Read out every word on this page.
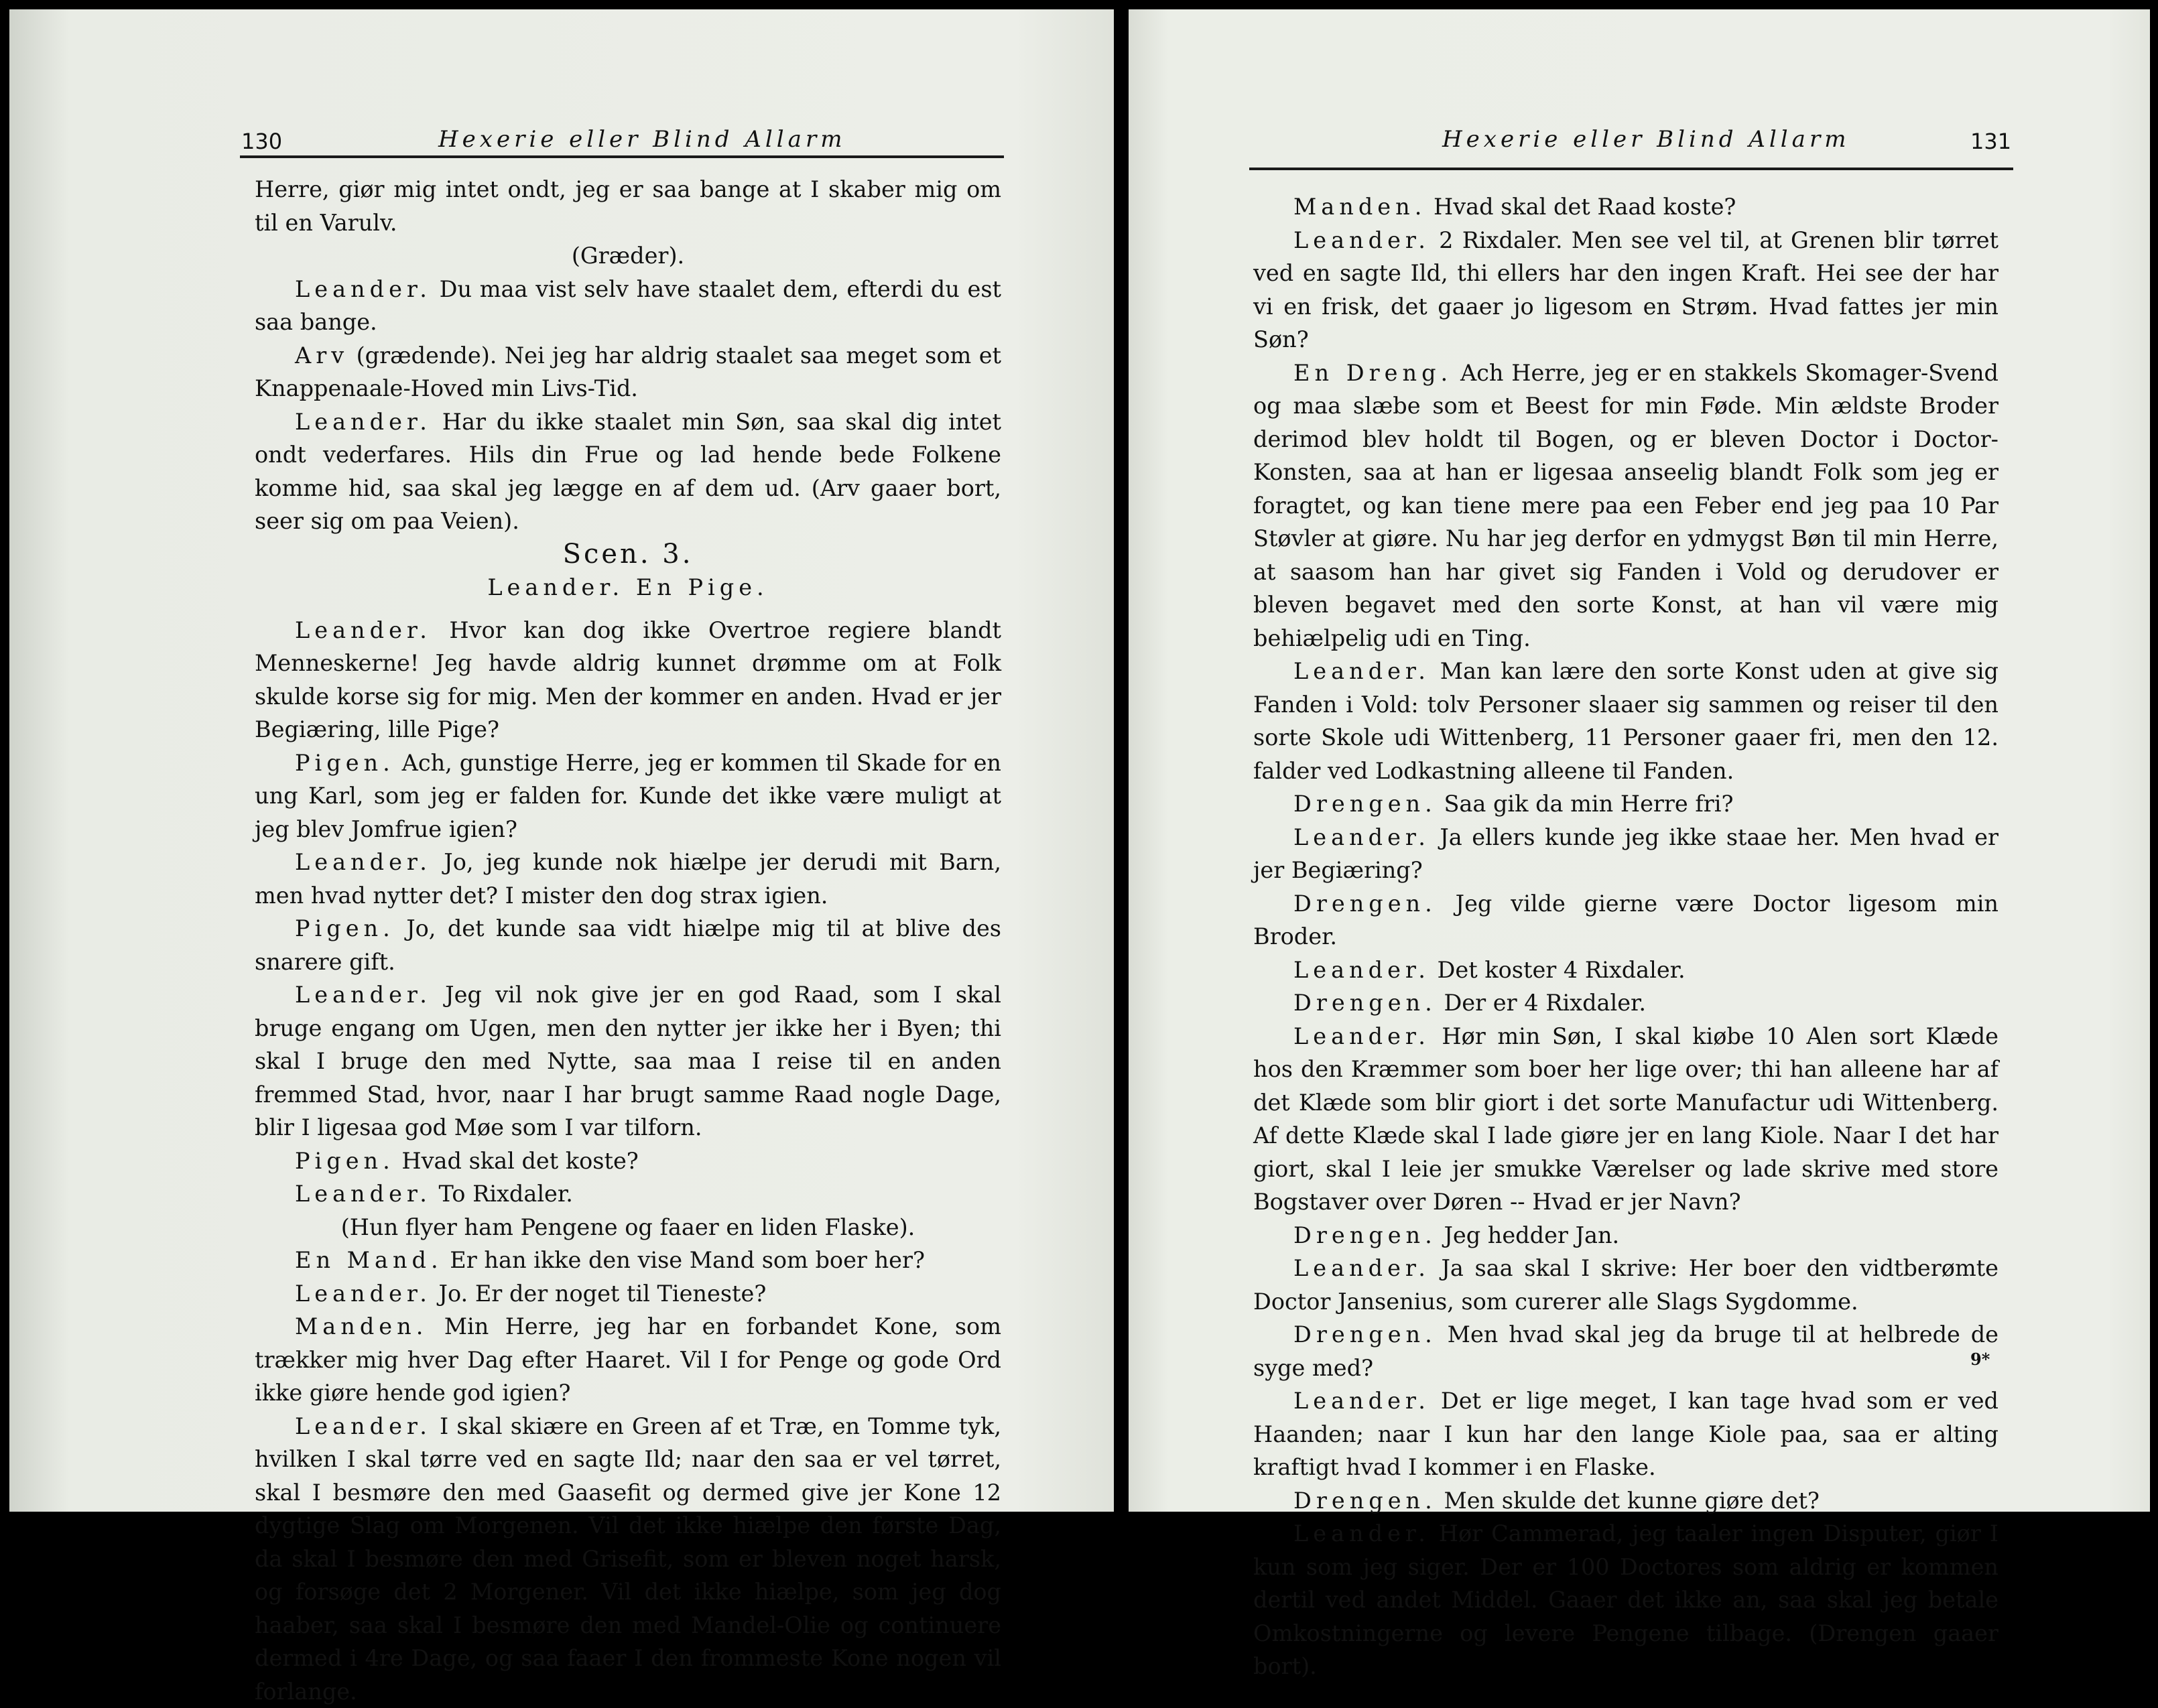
130	Hexerie eller Blind Allarm

Herre, giør mig intet ondt, jeg er saa bange at I skaber mig om til en Varulv.

(Græder).

Leander. Du maa vist selv have staalet dem, efterdi du est saa bange.

Arv (grædende). Nei jeg har aldrig staalet saa meget som et Knappenaale-Hoved min Livs-Tid.

Leander. Har du ikke staalet min Søn, saa skal dig intet ondt vederfares. Hils din Frue og lad hende bede Folkene komme hid, saa skal jeg lægge en af dem ud. (Arv gaaer bort, seer sig om paa Veien).

Scen. 3.

Leander. En Pige.

Leander. Hvor kan dog ikke Overtroe regiere blandt Menneskerne! Jeg havde aldrig kunnet drømme om at Folk skulde korse sig for mig. Men der kommer en anden. Hvad er jer Begiæring, lille Pige?

Pigen. Ach, gunstige Herre, jeg er kommen til Skade for en ung Karl, som jeg er falden for. Kunde det ikke være muligt at jeg blev Jomfrue igien?

Leander. Jo, jeg kunde nok hiælpe jer derudi mit Barn, men hvad nytter det? I mister den dog strax igien.

Pigen. Jo, det kunde saa vidt hiælpe mig til at blive des snarere gift.

Leander. Jeg vil nok give jer en god Raad, som I skal bruge engang om Ugen, men den nytter jer ikke her i Byen; thi skal I bruge den med Nytte, saa maa I reise til en anden fremmed Stad, hvor, naar I har brugt samme Raad nogle Dage, blir I ligesaa god Møe som I var tilforn.

Pigen. Hvad skal det koste?

Leander. To Rixdaler.

(Hun flyer ham Pengene og faaer en liden Flaske).

En Mand. Er han ikke den vise Mand som boer her?

Leander. Jo. Er der noget til Tieneste?

Manden. Min Herre, jeg har en forbandet Kone, som trækker mig hver Dag efter Haaret. Vil I for Penge og gode Ord ikke giøre hende god igien?

Leander. I skal skiære en Green af et Træ, en Tomme tyk, hvilken I skal tørre ved en sagte Ild; naar den saa er vel tørret, skal I besmøre den med Gaasefit og dermed give jer Kone 12 dygtige Slag om Morgenen. Vil det ikke hiælpe den første Dag, da skal I besmøre den med Grisefit, som er bleven noget harsk, og forsøge det 2 Morgener. Vil det ikke hiælpe, som jeg dog haaber, saa skal I besmøre den med Mandel-Olie og continuere dermed i 4re Dage, og saa faaer I den frommeste Kone nogen vil forlange.

Hexerie eller Blind Allarm	131

Manden. Hvad skal det Raad koste?

Leander. 2 Rixdaler. Men see vel til, at Grenen blir tørret ved en sagte Ild, thi ellers har den ingen Kraft. Hei see der har vi en frisk, det gaaer jo ligesom en Strøm. Hvad fattes jer min Søn?

En Dreng. Ach Herre, jeg er en stakkels Skomager-Svend og maa slæbe som et Beest for min Føde. Min ældste Broder derimod blev holdt til Bogen, og er bleven Doctor i Doctor-Konsten, saa at han er ligesaa anseelig blandt Folk som jeg er foragtet, og kan tiene mere paa een Feber end jeg paa 10 Par Støvler at giøre. Nu har jeg derfor en ydmygst Bøn til min Herre, at saasom han har givet sig Fanden i Vold og derudover er bleven begavet med den sorte Konst, at han vil være mig behiælpelig udi en Ting.

Leander. Man kan lære den sorte Konst uden at give sig Fanden i Vold: tolv Personer slaaer sig sammen og reiser til den sorte Skole udi Wittenberg, 11 Personer gaaer fri, men den 12. falder ved Lodkastning alleene til Fanden.

Drengen. Saa gik da min Herre fri?

Leander. Ja ellers kunde jeg ikke staae her. Men hvad er jer Begiæring?

Drengen. Jeg vilde gierne være Doctor ligesom min Broder.

Leander. Det koster 4 Rixdaler.

Drengen. Der er 4 Rixdaler.

Leander. Hør min Søn, I skal kiøbe 10 Alen sort Klæde hos den Kræmmer som boer her lige over; thi han alleene har af det Klæde som blir giort i det sorte Manufactur udi Wittenberg. Af dette Klæde skal I lade giøre jer en lang Kiole. Naar I det har giort, skal I leie jer smukke Værelser og lade skrive med store Bogstaver over Døren -- Hvad er jer Navn?

Drengen. Jeg hedder Jan.

Leander. Ja saa skal I skrive: Her boer den vidtberømte Doctor Jansenius, som curerer alle Slags Sygdomme.

Drengen. Men hvad skal jeg da bruge til at helbrede de syge med?

Leander. Det er lige meget, I kan tage hvad som er ved Haanden; naar I kun har den lange Kiole paa, saa er alting kraftigt hvad I kommer i en Flaske.

Drengen. Men skulde det kunne giøre det?

Leander. Hør Cammerad, jeg taaler ingen Disputer, giør I kun som jeg siger. Der er 100 Doctores som aldrig er kommen dertil ved andet Middel. Gaaer det ikke an, saa skal jeg betale Omkostningerne og levere Pengene tilbage. (Drengen gaaer bort).

9*
